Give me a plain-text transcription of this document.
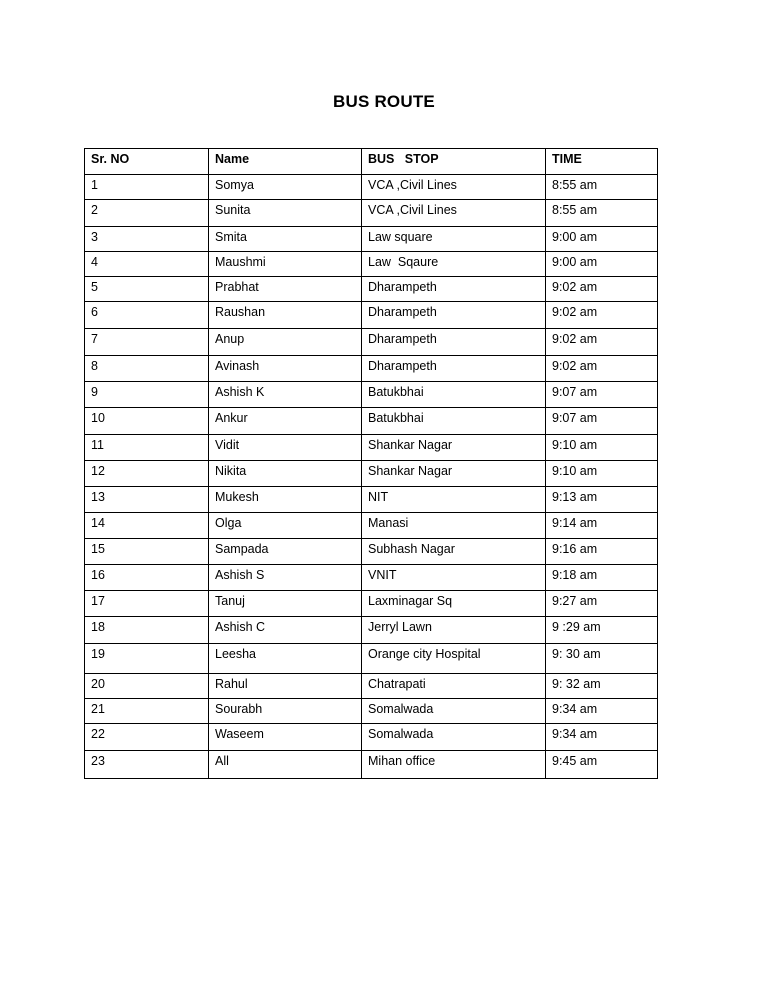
BUS ROUTE
Sr. NO	Name	BUS   STOP	TIME
1	Somya	VCA ,Civil Lines	8:55 am
2	Sunita	VCA ,Civil Lines	8:55 am
3	Smita	Law square	9:00 am
4	Maushmi	Law  Sqaure	9:00 am
5	Prabhat	Dharampeth	9:02 am
6	Raushan	Dharampeth	9:02 am
7	Anup	Dharampeth	9:02 am
8	Avinash	Dharampeth	9:02 am
9	Ashish K	Batukbhai	9:07 am
10	Ankur	Batukbhai	9:07 am
11	Vidit	Shankar Nagar	9:10 am
12	Nikita	Shankar Nagar	9:10 am
13	Mukesh	NIT	9:13 am
14	Olga	Manasi	9:14 am
15	Sampada	Subhash Nagar	9:16 am
16	Ashish S	VNIT	9:18 am
17	Tanuj	Laxminagar Sq	9:27 am
18	Ashish C	Jerryl Lawn	9 :29 am
19	Leesha	Orange city Hospital	9: 30 am
20	Rahul	Chatrapati	9: 32 am
21	Sourabh	Somalwada	9:34 am
22	Waseem	Somalwada	9:34 am
23	All	Mihan office	9:45 am
